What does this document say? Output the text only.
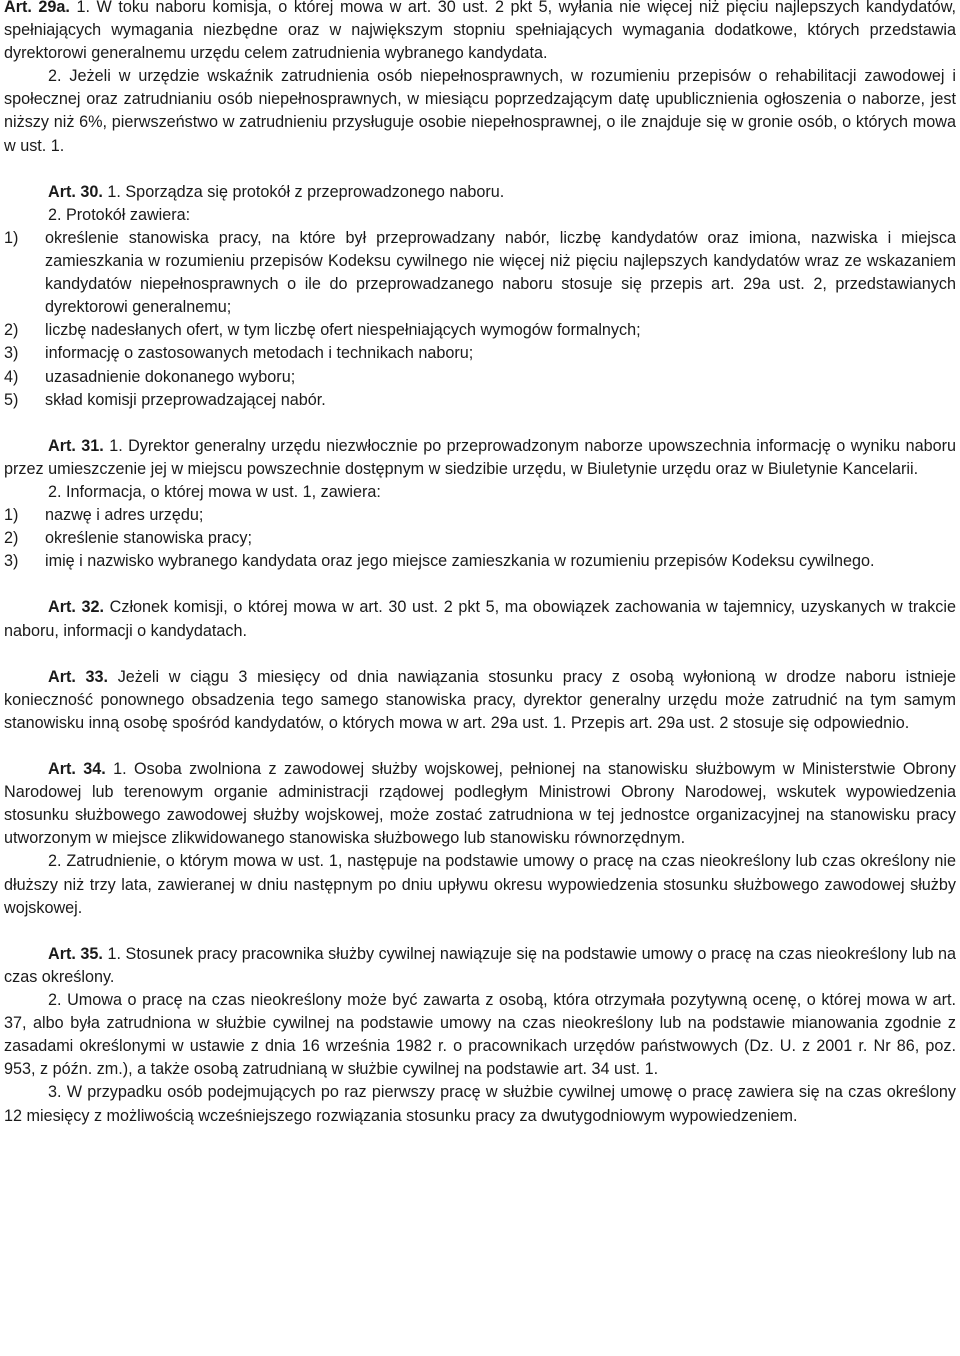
Art. 29a. 1. W toku naboru komisja, o której mowa w art. 30 ust. 2 pkt 5, wyłania nie więcej niż pięciu najlepszych kandydatów, spełniających wymagania niezbędne oraz w największym stopniu spełniających wymagania dodatkowe, których przedstawia dyrektorowi generalnemu urzędu celem zatrudnienia wybranego kandydata.

2. Jeżeli w urzędzie wskaźnik zatrudnienia osób niepełnosprawnych, w rozumieniu przepisów o rehabilitacji zawodowej i społecznej oraz zatrudnianiu osób niepełnosprawnych, w miesiącu poprzedzającym datę upublicznienia ogłoszenia o naborze, jest niższy niż 6%, pierwszeństwo w zatrudnieniu przysługuje osobie niepełnosprawnej, o ile znajduje się w gronie osób, o których mowa w ust. 1.

Art. 30. 1. Sporządza się protokół z przeprowadzonego naboru.

2. Protokół zawiera:

1) określenie stanowiska pracy, na które był przeprowadzany nabór, liczbę kandydatów oraz imiona, nazwiska i miejsca zamieszkania w rozumieniu przepisów Kodeksu cywilnego nie więcej niż pięciu najlepszych kandydatów wraz ze wskazaniem kandydatów niepełnosprawnych o ile do przeprowadzanego naboru stosuje się przepis art. 29a ust. 2, przedstawianych dyrektorowi generalnemu;

2) liczbę nadesłanych ofert, w tym liczbę ofert niespełniających wymogów formalnych;

3) informację o zastosowanych metodach i technikach naboru;

4) uzasadnienie dokonanego wyboru;

5) skład komisji przeprowadzającej nabór.

Art. 31. 1. Dyrektor generalny urzędu niezwłocznie po przeprowadzonym naborze upowszechnia informację o wyniku naboru przez umieszczenie jej w miejscu powszechnie dostępnym w siedzibie urzędu, w Biuletynie urzędu oraz w Biuletynie Kancelarii.

2. Informacja, o której mowa w ust. 1, zawiera:

1) nazwę i adres urzędu;

2) określenie stanowiska pracy;

3) imię i nazwisko wybranego kandydata oraz jego miejsce zamieszkania w rozumieniu przepisów Kodeksu cywilnego.

Art. 32. Członek komisji, o której mowa w art. 30 ust. 2 pkt 5, ma obowiązek zachowania w tajemnicy, uzyskanych w trakcie naboru, informacji o kandydatach.

Art. 33. Jeżeli w ciągu 3 miesięcy od dnia nawiązania stosunku pracy z osobą wyłonioną w drodze naboru istnieje konieczność ponownego obsadzenia tego samego stanowiska pracy, dyrektor generalny urzędu może zatrudnić na tym samym stanowisku inną osobę spośród kandydatów, o których mowa w art. 29a ust. 1. Przepis art. 29a ust. 2 stosuje się odpowiednio.

Art. 34. 1. Osoba zwolniona z zawodowej służby wojskowej, pełnionej na stanowisku służbowym w Ministerstwie Obrony Narodowej lub terenowym organie administracji rządowej podległym Ministrowi Obrony Narodowej, wskutek wypowiedzenia stosunku służbowego zawodowej służby wojskowej, może zostać zatrudniona w tej jednostce organizacyjnej na stanowisku pracy utworzonym w miejsce zlikwidowanego stanowiska służbowego lub stanowisku równorzędnym.

2. Zatrudnienie, o którym mowa w ust. 1, następuje na podstawie umowy o pracę na czas nieokreślony lub czas określony nie dłuższy niż trzy lata, zawieranej w dniu następnym po dniu upływu okresu wypowiedzenia stosunku służbowego zawodowej służby wojskowej.

Art. 35. 1. Stosunek pracy pracownika służby cywilnej nawiązuje się na podstawie umowy o pracę na czas nieokreślony lub na czas określony.

2. Umowa o pracę na czas nieokreślony może być zawarta z osobą, która otrzymała pozytywną ocenę, o której mowa w art. 37, albo była zatrudniona w służbie cywilnej na podstawie umowy na czas nieokreślony lub na podstawie mianowania zgodnie z zasadami określonymi w ustawie z dnia 16 września 1982 r. o pracownikach urzędów państwowych (Dz. U. z 2001 r. Nr 86, poz. 953, z późn. zm.), a także osobą zatrudnianą w służbie cywilnej na podstawie art. 34 ust. 1.

3. W przypadku osób podejmujących po raz pierwszy pracę w służbie cywilnej umowę o pracę zawiera się na czas określony 12 miesięcy z możliwością wcześniejszego rozwiązania stosunku pracy za dwutygodniowym wypowiedzeniem.
